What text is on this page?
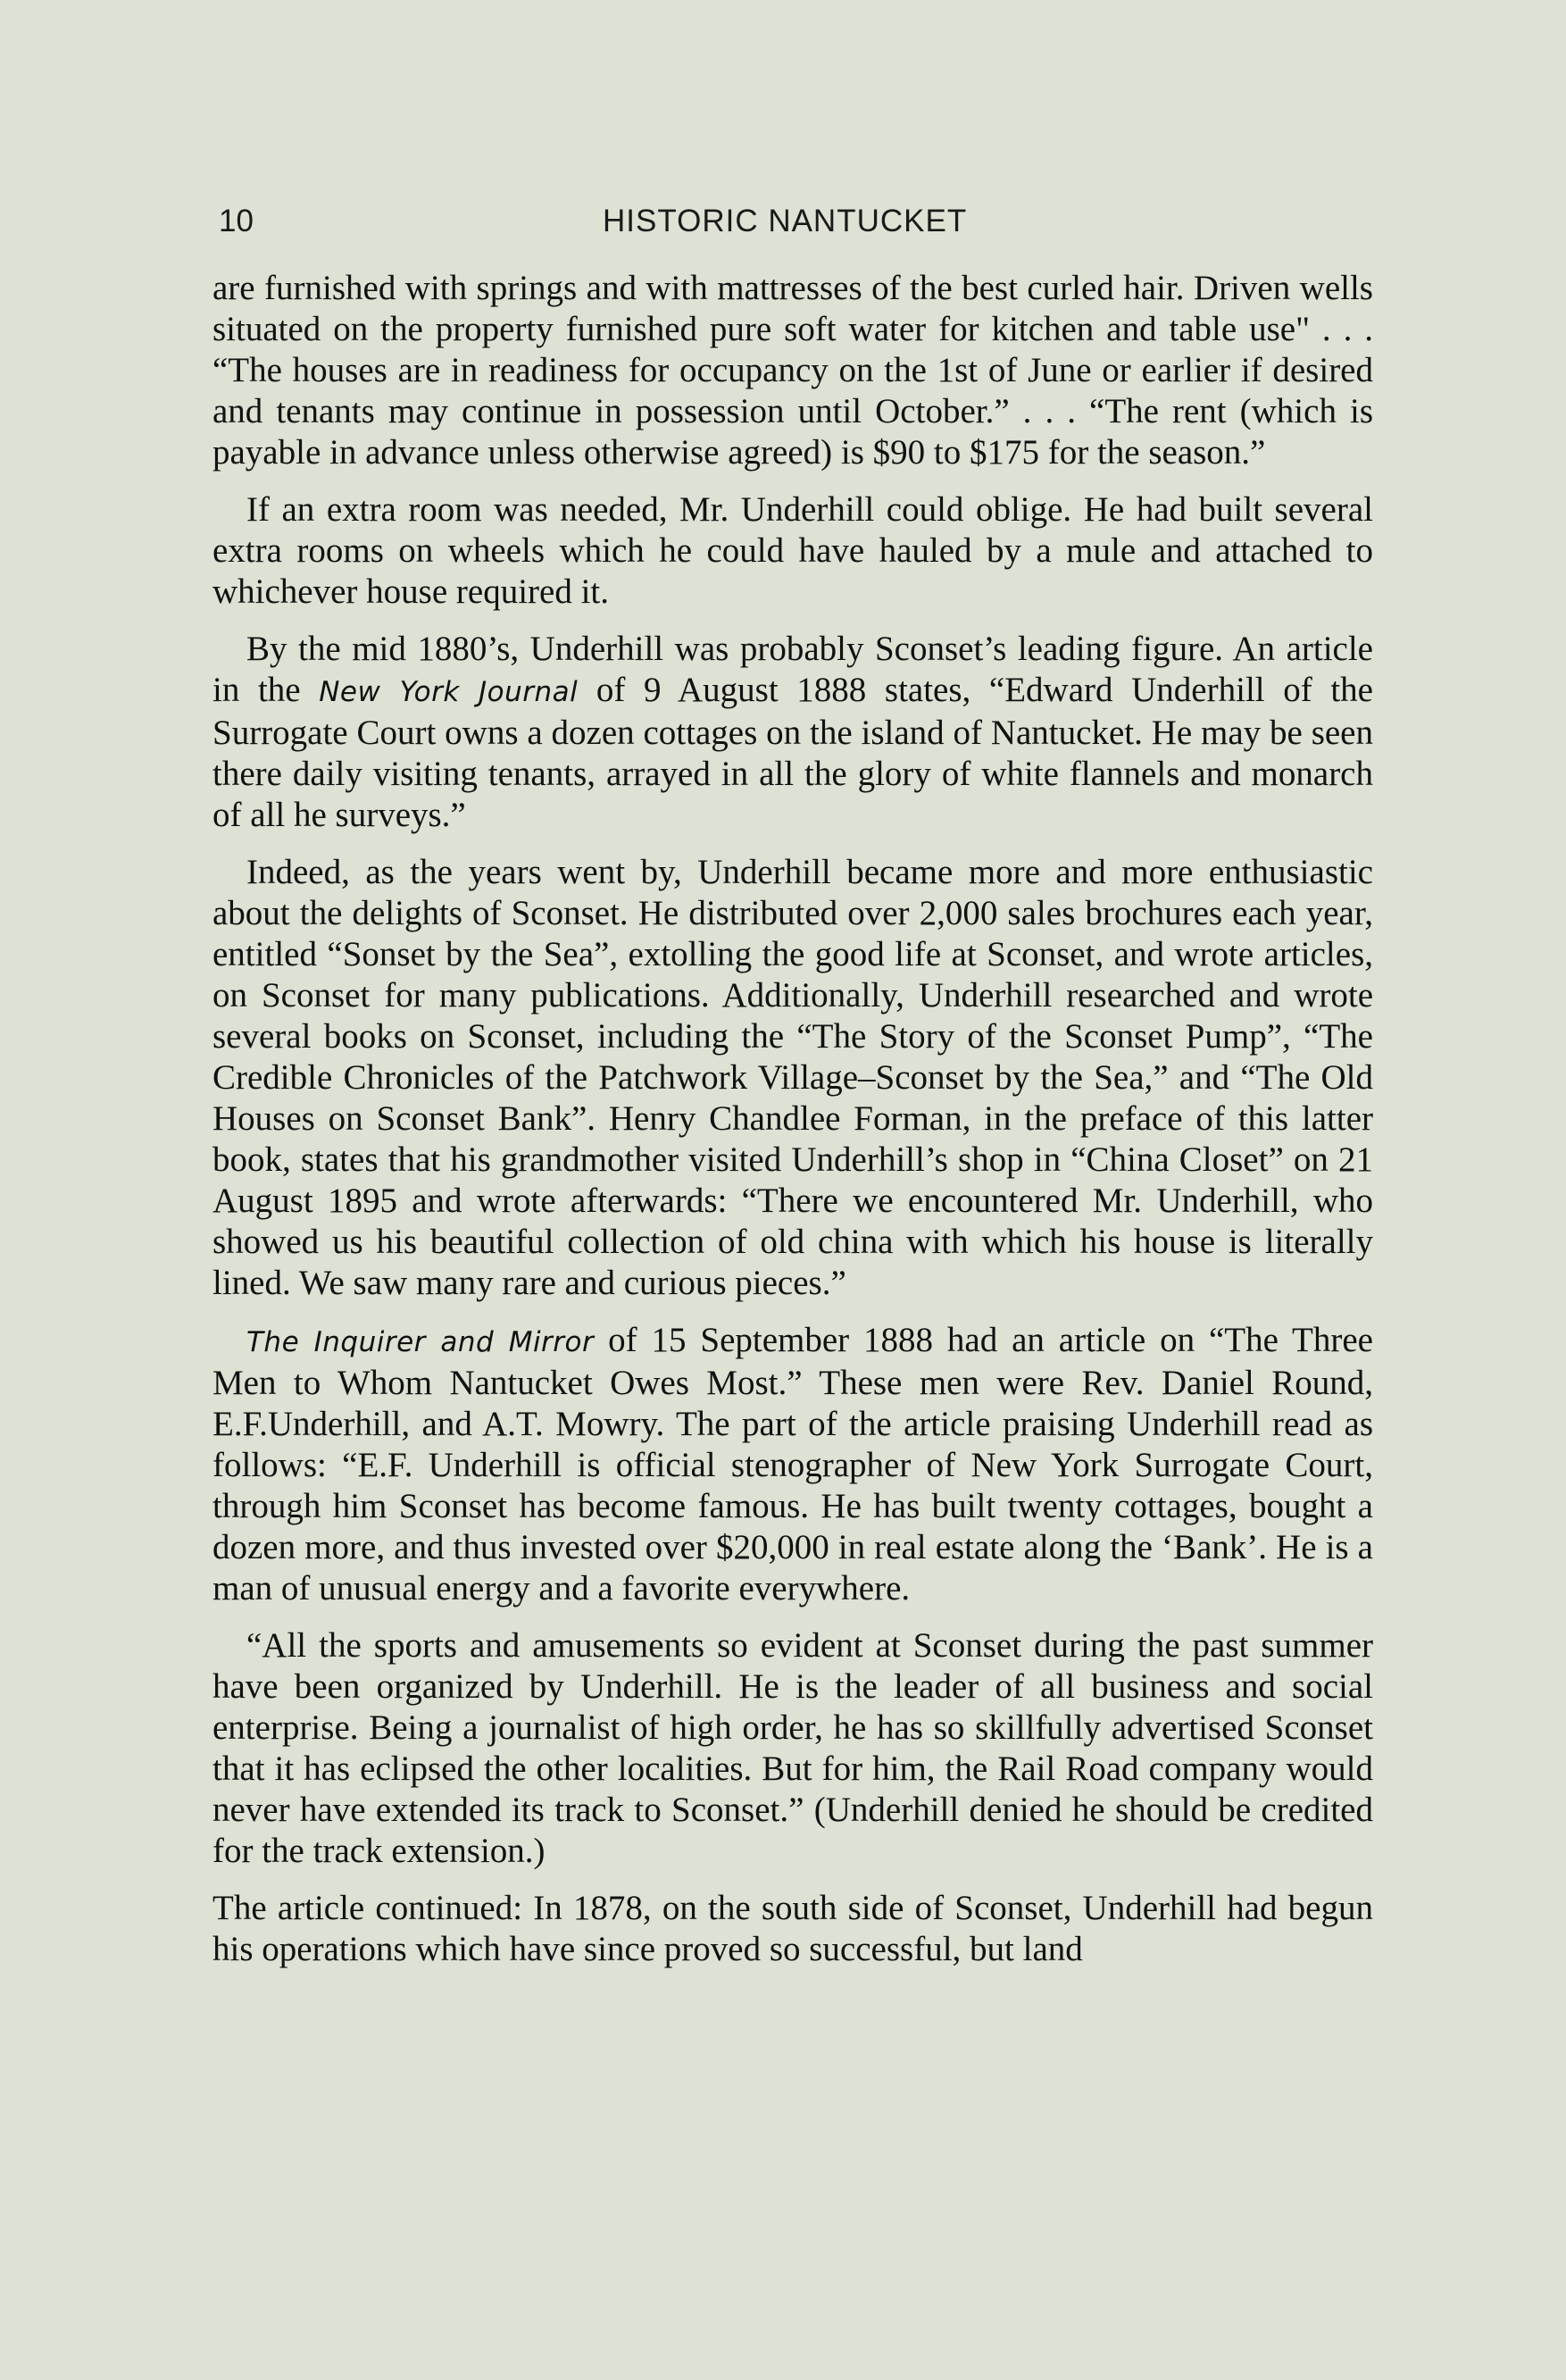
10	HISTORIC NANTUCKET

are furnished with springs and with mattresses of the best curled hair. Driven wells situated on the property furnished pure soft water for kitchen and table use" . . . “The houses are in readiness for occupancy on the 1st of June or earlier if desired and tenants may continue in possession until October.” . . . “The rent (which is payable in advance unless otherwise agreed) is $90 to $175 for the season.”

If an extra room was needed, Mr. Underhill could oblige. He had built several extra rooms on wheels which he could have hauled by a mule and attached to whichever house required it.

By the mid 1880’s, Underhill was probably Sconset’s leading figure. An article in the New York Journal of 9 August 1888 states, “Edward Underhill of the Surrogate Court owns a dozen cottages on the island of Nantucket. He may be seen there daily visiting tenants, arrayed in all the glory of white flannels and monarch of all he surveys.”

Indeed, as the years went by, Underhill became more and more enthusiastic about the delights of Sconset. He distributed over 2,000 sales brochures each year, entitled “Sonset by the Sea”, extolling the good life at Sconset, and wrote articles, on Sconset for many publications. Additionally, Underhill researched and wrote several books on Sconset, including the “The Story of the Sconset Pump”, “The Credible Chronicles of the Patchwork Village–Sconset by the Sea,” and “The Old Houses on Sconset Bank”. Henry Chandlee Forman, in the preface of this latter book, states that his grandmother visited Underhill’s shop in “China Closet” on 21 August 1895 and wrote afterwards: “There we encountered Mr. Underhill, who showed us his beautiful collection of old china with which his house is literally lined. We saw many rare and curious pieces.”

The Inquirer and Mirror of 15 September 1888 had an article on “The Three Men to Whom Nantucket Owes Most.” These men were Rev. Daniel Round, E.F.Underhill, and A.T. Mowry. The part of the article praising Underhill read as follows: “E.F. Underhill is official stenographer of New York Surrogate Court, through him Sconset has become famous. He has built twenty cottages, bought a dozen more, and thus invested over $20,000 in real estate along the ‘Bank’. He is a man of unusual energy and a favorite everywhere.

“All the sports and amusements so evident at Sconset during the past summer have been organized by Underhill. He is the leader of all business and social enterprise. Being a journalist of high order, he has so skillfully advertised Sconset that it has eclipsed the other localities. But for him, the Rail Road company would never have extended its track to Sconset.” (Underhill denied he should be credited for the track extension.)

The article continued: In 1878, on the south side of Sconset, Underhill had begun his operations which have since proved so successful, but land
